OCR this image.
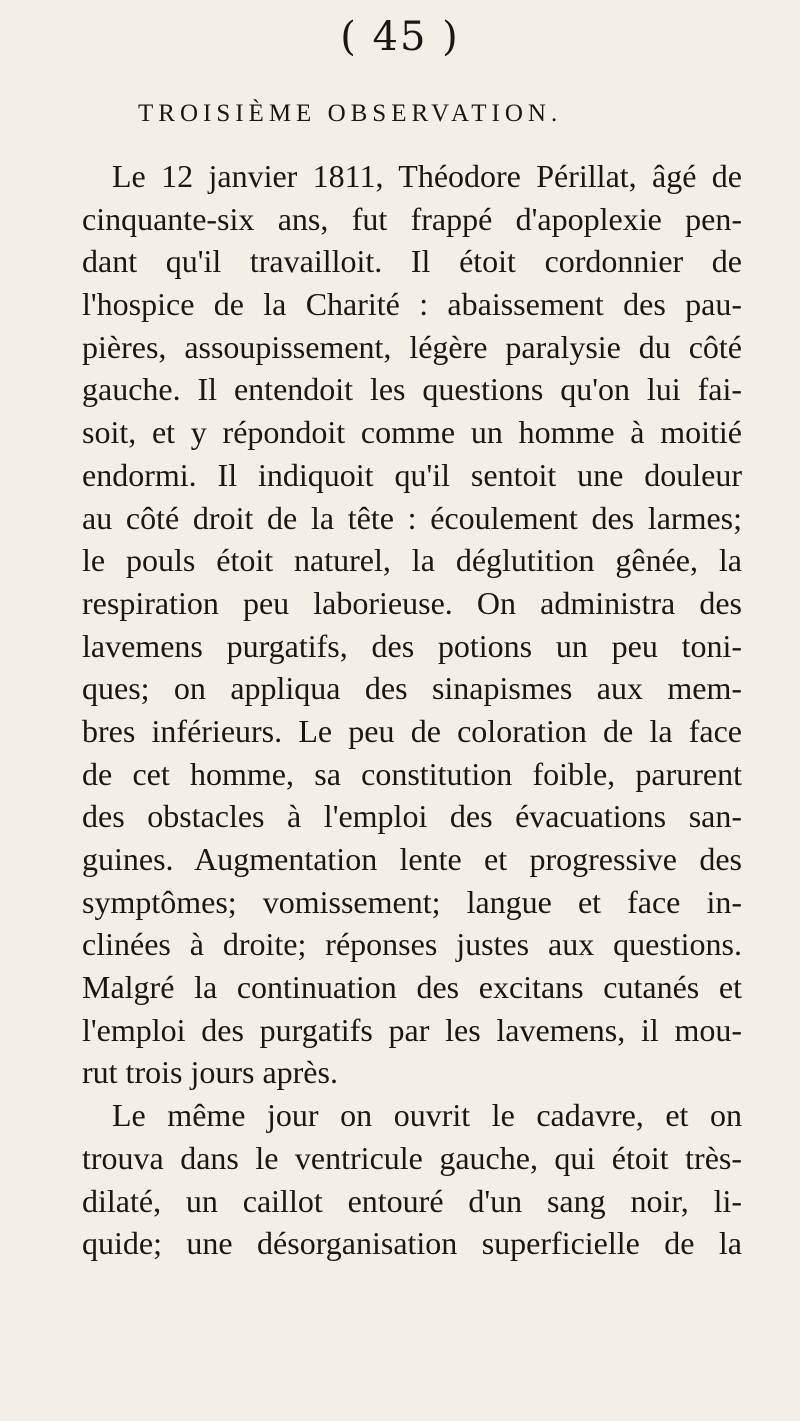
( 45 )
TROISIÈME OBSERVATION.
Le 12 janvier 1811, Théodore Périllat, âgé de
cinquante-six ans, fut frappé d'apoplexie pen-
dant qu'il travailloit. Il étoit cordonnier de
l'hospice de la Charité : abaissement des pau-
pières, assoupissement, légère paralysie du côté
gauche. Il entendoit les questions qu'on lui fai-
soit, et y répondoit comme un homme à moitié
endormi. Il indiquoit qu'il sentoit une douleur
au côté droit de la tête : écoulement des larmes;
le pouls étoit naturel, la déglutition gênée, la
respiration peu laborieuse. On administra des
lavemens purgatifs, des potions un peu toni-
ques; on appliqua des sinapismes aux mem-
bres inférieurs. Le peu de coloration de la face
de cet homme, sa constitution foible, parurent
des obstacles à l'emploi des évacuations san-
guines. Augmentation lente et progressive des
symptômes; vomissement; langue et face in-
clinées à droite; réponses justes aux questions.
Malgré la continuation des excitans cutanés et
l'emploi des purgatifs par les lavemens, il mou-
rut trois jours après.
Le même jour on ouvrit le cadavre, et on
trouva dans le ventricule gauche, qui étoit très-
dilaté, un caillot entouré d'un sang noir, li-
quide; une désorganisation superficielle de la
